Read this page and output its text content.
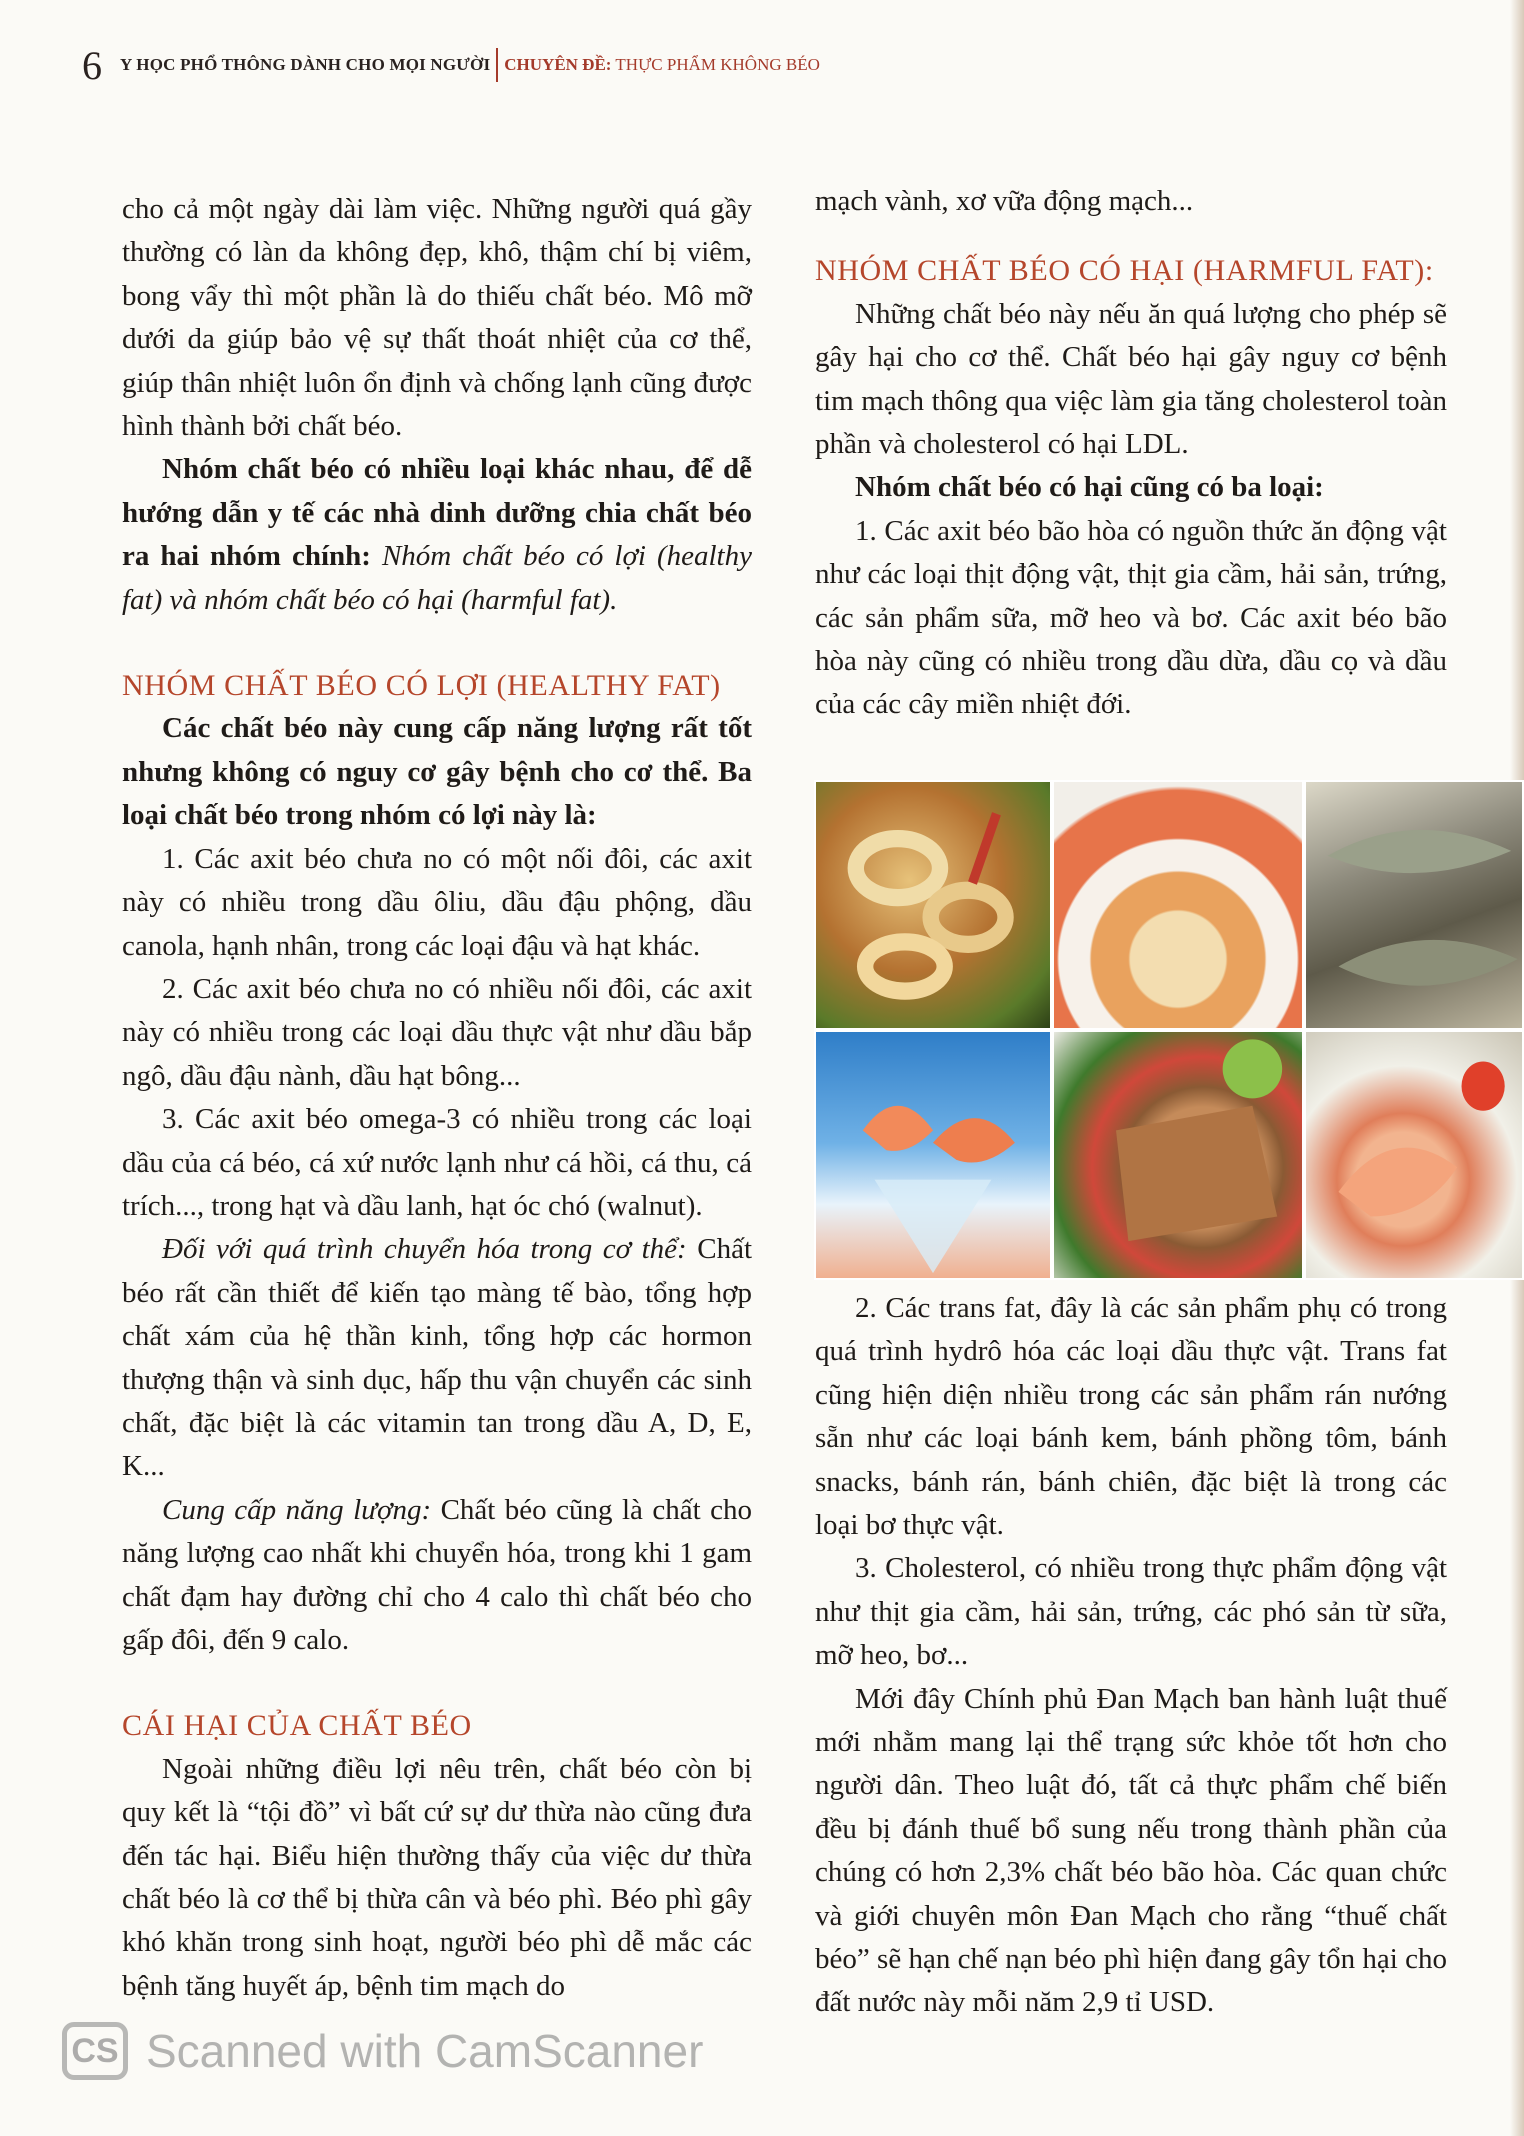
6 Y HỌC PHỔ THÔNG DÀNH CHO MỌI NGƯỜI CHUYÊN ĐỀ: THỰC PHẨM KHÔNG BÉO

cho cả một ngày dài làm việc. Những người quá gầy thường có làn da không đẹp, khô, thậm chí bị viêm, bong vẩy thì một phần là do thiếu chất béo. Mô mỡ dưới da giúp bảo vệ sự thất thoát nhiệt của cơ thể, giúp thân nhiệt luôn ổn định và chống lạnh cũng được hình thành bởi chất béo.

Nhóm chất béo có nhiều loại khác nhau, để dễ hướng dẫn y tế các nhà dinh dưỡng chia chất béo ra hai nhóm chính: Nhóm chất béo có lợi (healthy fat) và nhóm chất béo có hại (harmful fat).

NHÓM CHẤT BÉO CÓ LỢI (HEALTHY FAT)

Các chất béo này cung cấp năng lượng rất tốt nhưng không có nguy cơ gây bệnh cho cơ thể. Ba loại chất béo trong nhóm có lợi này là:

1. Các axit béo chưa no có một nối đôi, các axit này có nhiều trong dầu ôliu, dầu đậu phộng, dầu canola, hạnh nhân, trong các loại đậu và hạt khác.

2. Các axit béo chưa no có nhiều nối đôi, các axit này có nhiều trong các loại dầu thực vật như dầu bắp ngô, dầu đậu nành, dầu hạt bông...

3. Các axit béo omega-3 có nhiều trong các loại dầu của cá béo, cá xứ nước lạnh như cá hồi, cá thu, cá trích..., trong hạt và dầu lanh, hạt óc chó (walnut).

Đối với quá trình chuyển hóa trong cơ thể: Chất béo rất cần thiết để kiến tạo màng tế bào, tổng hợp chất xám của hệ thần kinh, tổng hợp các hormon thượng thận và sinh dục, hấp thu vận chuyển các sinh chất, đặc biệt là các vitamin tan trong dầu A, D, E, K...

Cung cấp năng lượng: Chất béo cũng là chất cho năng lượng cao nhất khi chuyển hóa, trong khi 1 gam chất đạm hay đường chỉ cho 4 calo thì chất béo cho gấp đôi, đến 9 calo.

CÁI HẠI CỦA CHẤT BÉO

Ngoài những điều lợi nêu trên, chất béo còn bị quy kết là “tội đồ” vì bất cứ sự dư thừa nào cũng đưa đến tác hại. Biểu hiện thường thấy của việc dư thừa chất béo là cơ thể bị thừa cân và béo phì. Béo phì gây khó khăn trong sinh hoạt, người béo phì dễ mắc các bệnh tăng huyết áp, bệnh tim mạch do

mạch vành, xơ vữa động mạch...

NHÓM CHẤT BÉO CÓ HẠI (HARMFUL FAT):

Những chất béo này nếu ăn quá lượng cho phép sẽ gây hại cho cơ thể. Chất béo hại gây nguy cơ bệnh tim mạch thông qua việc làm gia tăng cholesterol toàn phần và cholesterol có hại LDL.

Nhóm chất béo có hại cũng có ba loại:

1. Các axit béo bão hòa có nguồn thức ăn động vật như các loại thịt động vật, thịt gia cầm, hải sản, trứng, các sản phẩm sữa, mỡ heo và bơ. Các axit béo bão hòa này cũng có nhiều trong dầu dừa, dầu cọ và dầu của các cây miền nhiệt đới.

2. Các trans fat, đây là các sản phẩm phụ có trong quá trình hydrô hóa các loại dầu thực vật. Trans fat cũng hiện diện nhiều trong các sản phẩm rán nướng sẵn như các loại bánh kem, bánh phồng tôm, bánh snacks, bánh rán, bánh chiên, đặc biệt là trong các loại bơ thực vật.

3. Cholesterol, có nhiều trong thực phẩm động vật như thịt gia cầm, hải sản, trứng, các phó sản từ sữa, mỡ heo, bơ...

Mới đây Chính phủ Đan Mạch ban hành luật thuế mới nhằm mang lại thể trạng sức khỏe tốt hơn cho người dân. Theo luật đó, tất cả thực phẩm chế biến đều bị đánh thuế bổ sung nếu trong thành phần của chúng có hơn 2,3% chất béo bão hòa. Các quan chức và giới chuyên môn Đan Mạch cho rằng “thuế chất béo” sẽ hạn chế nạn béo phì hiện đang gây tổn hại cho đất nước này mỗi năm 2,9 tỉ USD.

CS Scanned with CamScanner
